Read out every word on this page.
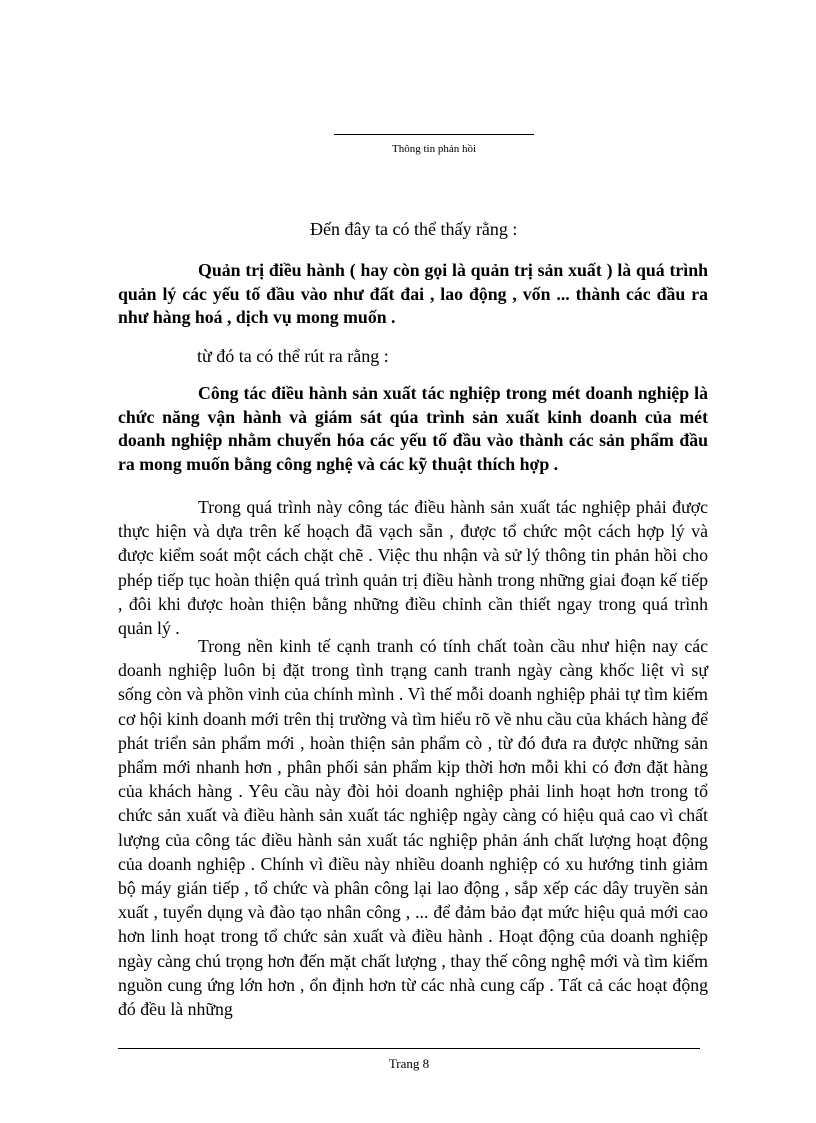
Thông tin phản hồi
Đến đây ta có thể thấy rằng :

Quản trị điều hành ( hay còn gọi là quản trị sản xuất ) là quá trình quản lý các yếu tố đầu vào như đất đai , lao động , vốn ... thành các đầu ra như hàng hoá , dịch vụ mong muốn .

từ đó ta có thể rút ra rằng :

Công tác điều hành sản xuất tác nghiệp trong mét doanh nghiệp là chức năng vận hành và giám sát qúa trình sản xuất kinh doanh của mét doanh nghiệp nhằm chuyển hóa các yếu tố đầu vào thành các sản phẩm đầu ra mong muốn bằng công nghệ và các kỹ thuật thích hợp .

Trong quá trình này công tác điều hành sản xuất tác nghiệp phải được thực hiện và dựa trên kế hoạch đã vạch sẵn , được tổ chức một cách hợp lý và được kiểm soát một cách chặt chẽ . Việc thu nhận và sử lý thông tin phản hồi cho phép tiếp tục hoàn thiện quá trình quản trị điều hành trong những giai đoạn kế tiếp , đôi khi được hoàn thiện bằng những điều chỉnh cần thiết ngay trong quá trình quản lý .

Trong nền kinh tế cạnh tranh có tính chất toàn cầu như hiện nay các doanh nghiệp luôn bị đặt trong tình trạng canh tranh ngày càng khốc liệt vì sự sống còn và phồn vinh của chính mình . Vì thế mỗi doanh nghiệp phải tự tìm kiếm cơ hội kinh doanh mới trên thị trường và tìm hiểu rõ về nhu cầu của khách hàng để phát triển sản phẩm mới , hoàn thiện sản phẩm cò , từ đó đưa ra được những sản phẩm mới nhanh hơn , phân phối sản phẩm kịp thời hơn mỗi khi có đơn đặt hàng của khách hàng . Yêu cầu này đòi hỏi doanh nghiệp phải linh hoạt hơn trong tổ chức sản xuất và điều hành sản xuất tác nghiệp ngày càng có hiệu quả cao vì chất lượng của công tác điều hành sản xuất tác nghiệp phản ánh chất lượng hoạt động của doanh nghiệp . Chính vì điều này nhiều doanh nghiệp có xu hướng tinh giảm bộ máy gián tiếp , tổ chức và phân công lại lao động , sắp xếp các dây truyền sản xuất , tuyển dụng và đào tạo nhân công , ... để đảm bảo đạt mức hiệu quả mới cao hơn linh hoạt trong tổ chức sản xuất và điều hành . Hoạt động của doanh nghiệp ngày càng chú trọng hơn đến mặt chất lượng , thay thế công nghệ mới và tìm kiếm nguồn cung ứng lớn hơn , ổn định hơn từ các nhà cung cấp . Tất cả các hoạt động đó đều là những

Trang 8
